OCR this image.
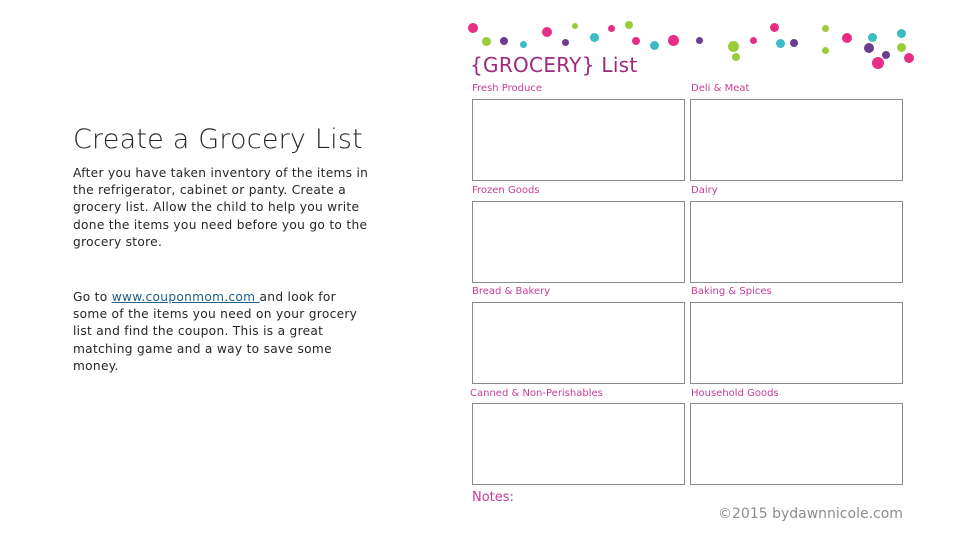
Create a Grocery List
After you have taken inventory of the items in the refrigerator, cabinet or panty. Create a grocery list. Allow the child to help you write done the items you need before you go to the grocery store.
Go to www.couponmom.com and look for some of the items you need on your grocery list and find the coupon. This is a great matching game and a way to save some money.
{GROCERY} List
Fresh Produce	Deli & Meat
Frozen Goods	Dairy
Bread & Bakery	Baking & Spices
Canned & Non-Perishables	Household Goods
Notes:
©2015 bydawnnicole.com
